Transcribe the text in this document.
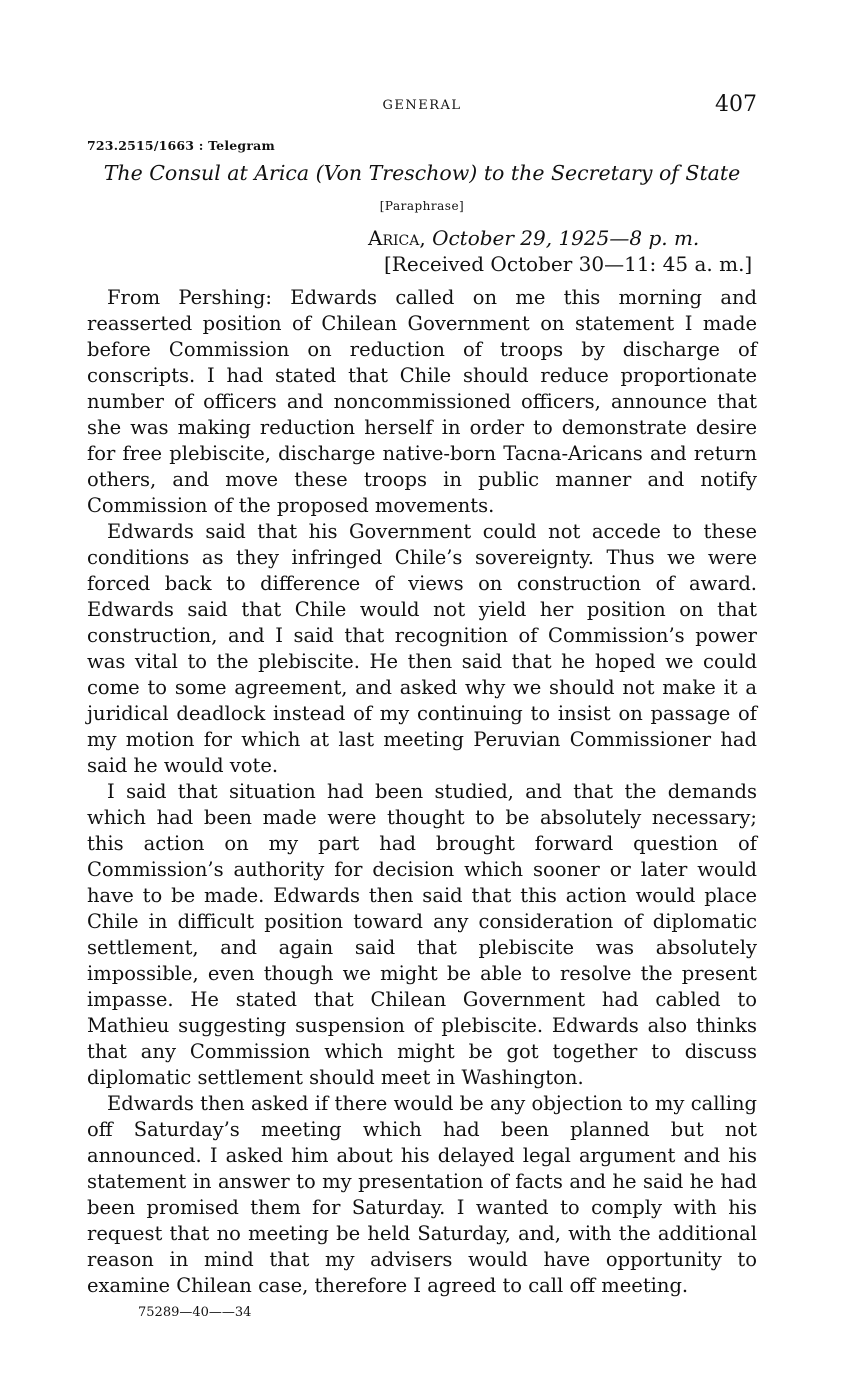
GENERAL	407
723.2515/1663 : Telegram
The Consul at Arica (Von Treschow) to the Secretary of State
[Paraphrase]
Arica, October 29, 1925—8 p. m.
[Received October 30—11: 45 a. m.]

From Pershing: Edwards called on me this morning and reasserted position of Chilean Government on statement I made before Commission on reduction of troops by discharge of conscripts. I had stated that Chile should reduce proportionate number of officers and noncommissioned officers, announce that she was making reduction herself in order to demonstrate desire for free plebiscite, discharge native-born Tacna-Aricans and return others, and move these troops in public manner and notify Commission of the proposed movements.

Edwards said that his Government could not accede to these conditions as they infringed Chile’s sovereignty. Thus we were forced back to difference of views on construction of award. Edwards said that Chile would not yield her position on that construction, and I said that recognition of Commission’s power was vital to the plebiscite. He then said that he hoped we could come to some agreement, and asked why we should not make it a juridical deadlock instead of my continuing to insist on passage of my motion for which at last meeting Peruvian Commissioner had said he would vote.

I said that situation had been studied, and that the demands which had been made were thought to be absolutely necessary; this action on my part had brought forward question of Commission’s authority for decision which sooner or later would have to be made. Edwards then said that this action would place Chile in difficult position toward any consideration of diplomatic settlement, and again said that plebiscite was absolutely impossible, even though we might be able to resolve the present impasse. He stated that Chilean Government had cabled to Mathieu suggesting suspension of plebiscite. Edwards also thinks that any Commission which might be got together to discuss diplomatic settlement should meet in Washington.

Edwards then asked if there would be any objection to my calling off Saturday’s meeting which had been planned but not announced. I asked him about his delayed legal argument and his statement in answer to my presentation of facts and he said he had been promised them for Saturday. I wanted to comply with his request that no meeting be held Saturday, and, with the additional reason in mind that my advisers would have opportunity to examine Chilean case, therefore I agreed to call off meeting.

75289—40——34
